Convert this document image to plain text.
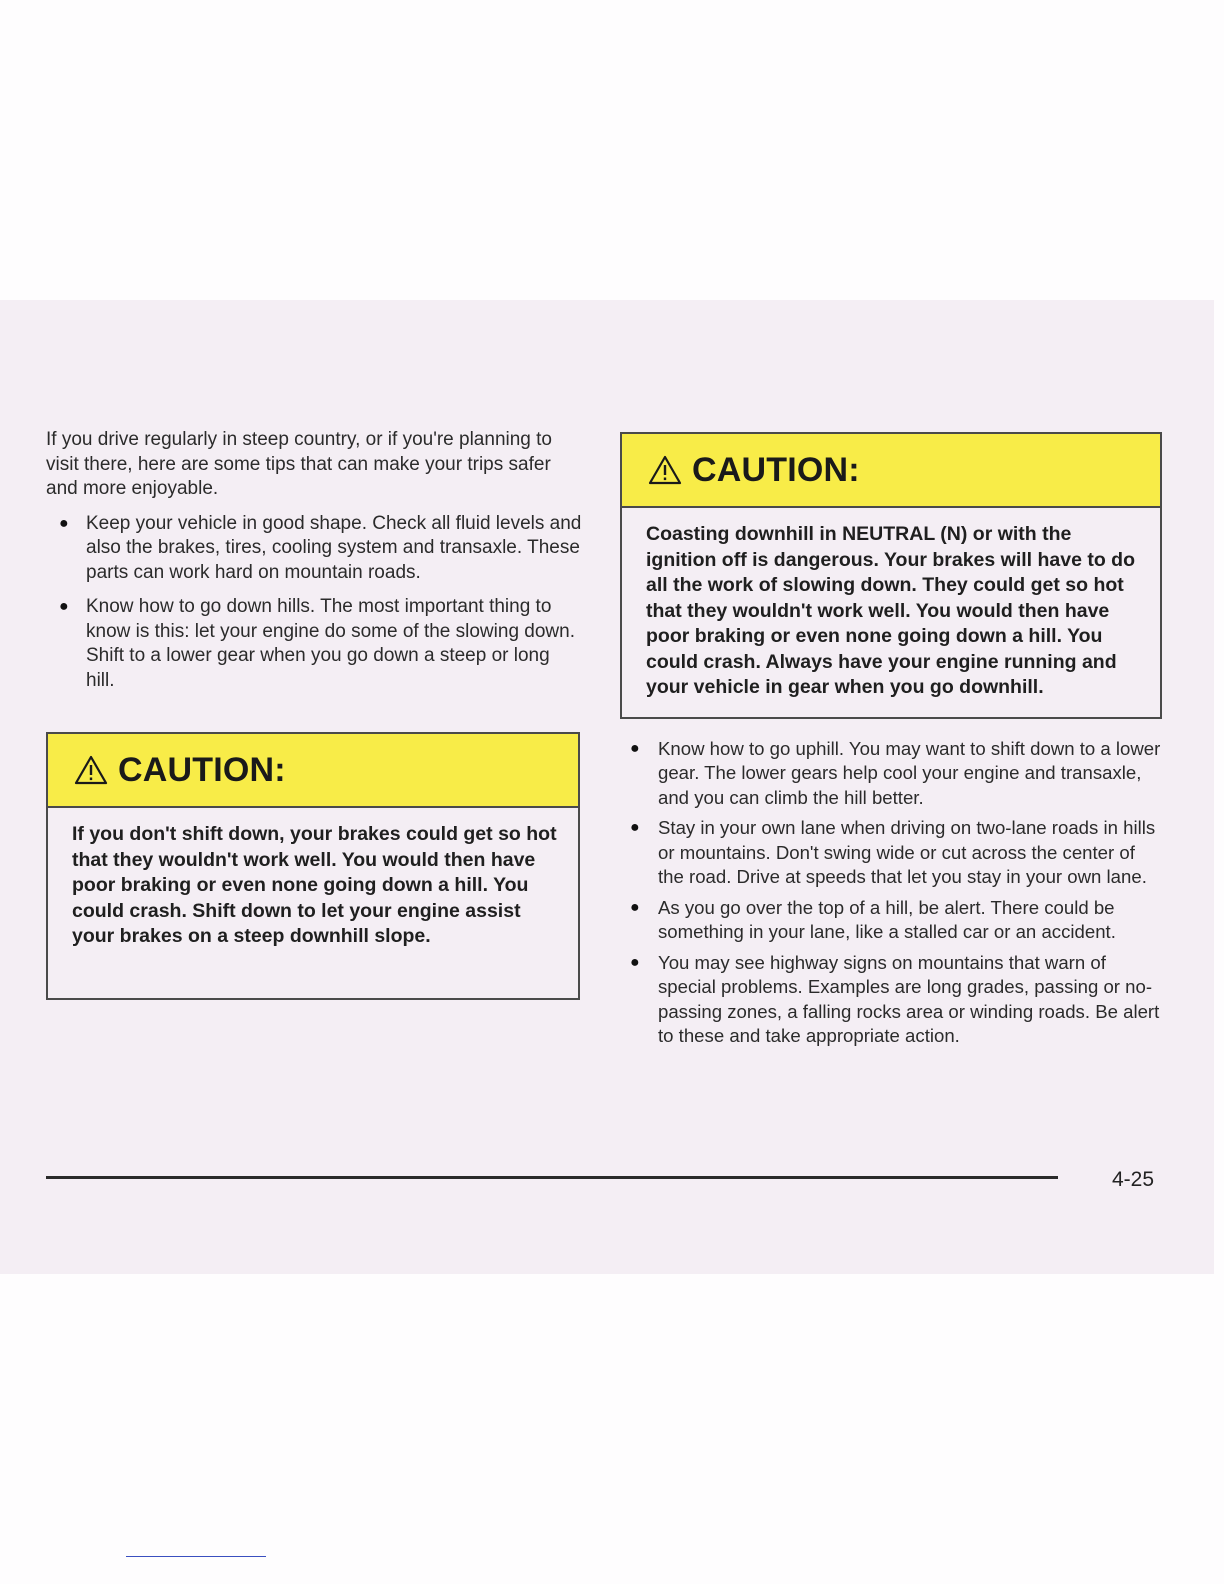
If you drive regularly in steep country, or if you're planning to visit there, here are some tips that can make your trips safer and more enjoyable.

● Keep your vehicle in good shape. Check all fluid levels and also the brakes, tires, cooling system and transaxle. These parts can work hard on mountain roads.
● Know how to go down hills. The most important thing to know is this: let your engine do some of the slowing down. Shift to a lower gear when you go down a steep or long hill.
CAUTION:
If you don't shift down, your brakes could get so hot that they wouldn't work well. You would then have poor braking or even none going down a hill. You could crash. Shift down to let your engine assist your brakes on a steep downhill slope.
CAUTION:
Coasting downhill in NEUTRAL (N) or with the ignition off is dangerous. Your brakes will have to do all the work of slowing down. They could get so hot that they wouldn't work well. You would then have poor braking or even none going down a hill. You could crash. Always have your engine running and your vehicle in gear when you go downhill.
● Know how to go uphill. You may want to shift down to a lower gear. The lower gears help cool your engine and transaxle, and you can climb the hill better.
● Stay in your own lane when driving on two-lane roads in hills or mountains. Don't swing wide or cut across the center of the road. Drive at speeds that let you stay in your own lane.
● As you go over the top of a hill, be alert. There could be something in your lane, like a stalled car or an accident.
● You may see highway signs on mountains that warn of special problems. Examples are long grades, passing or no-passing zones, a falling rocks area or winding roads. Be alert to these and take appropriate action.
4-25
